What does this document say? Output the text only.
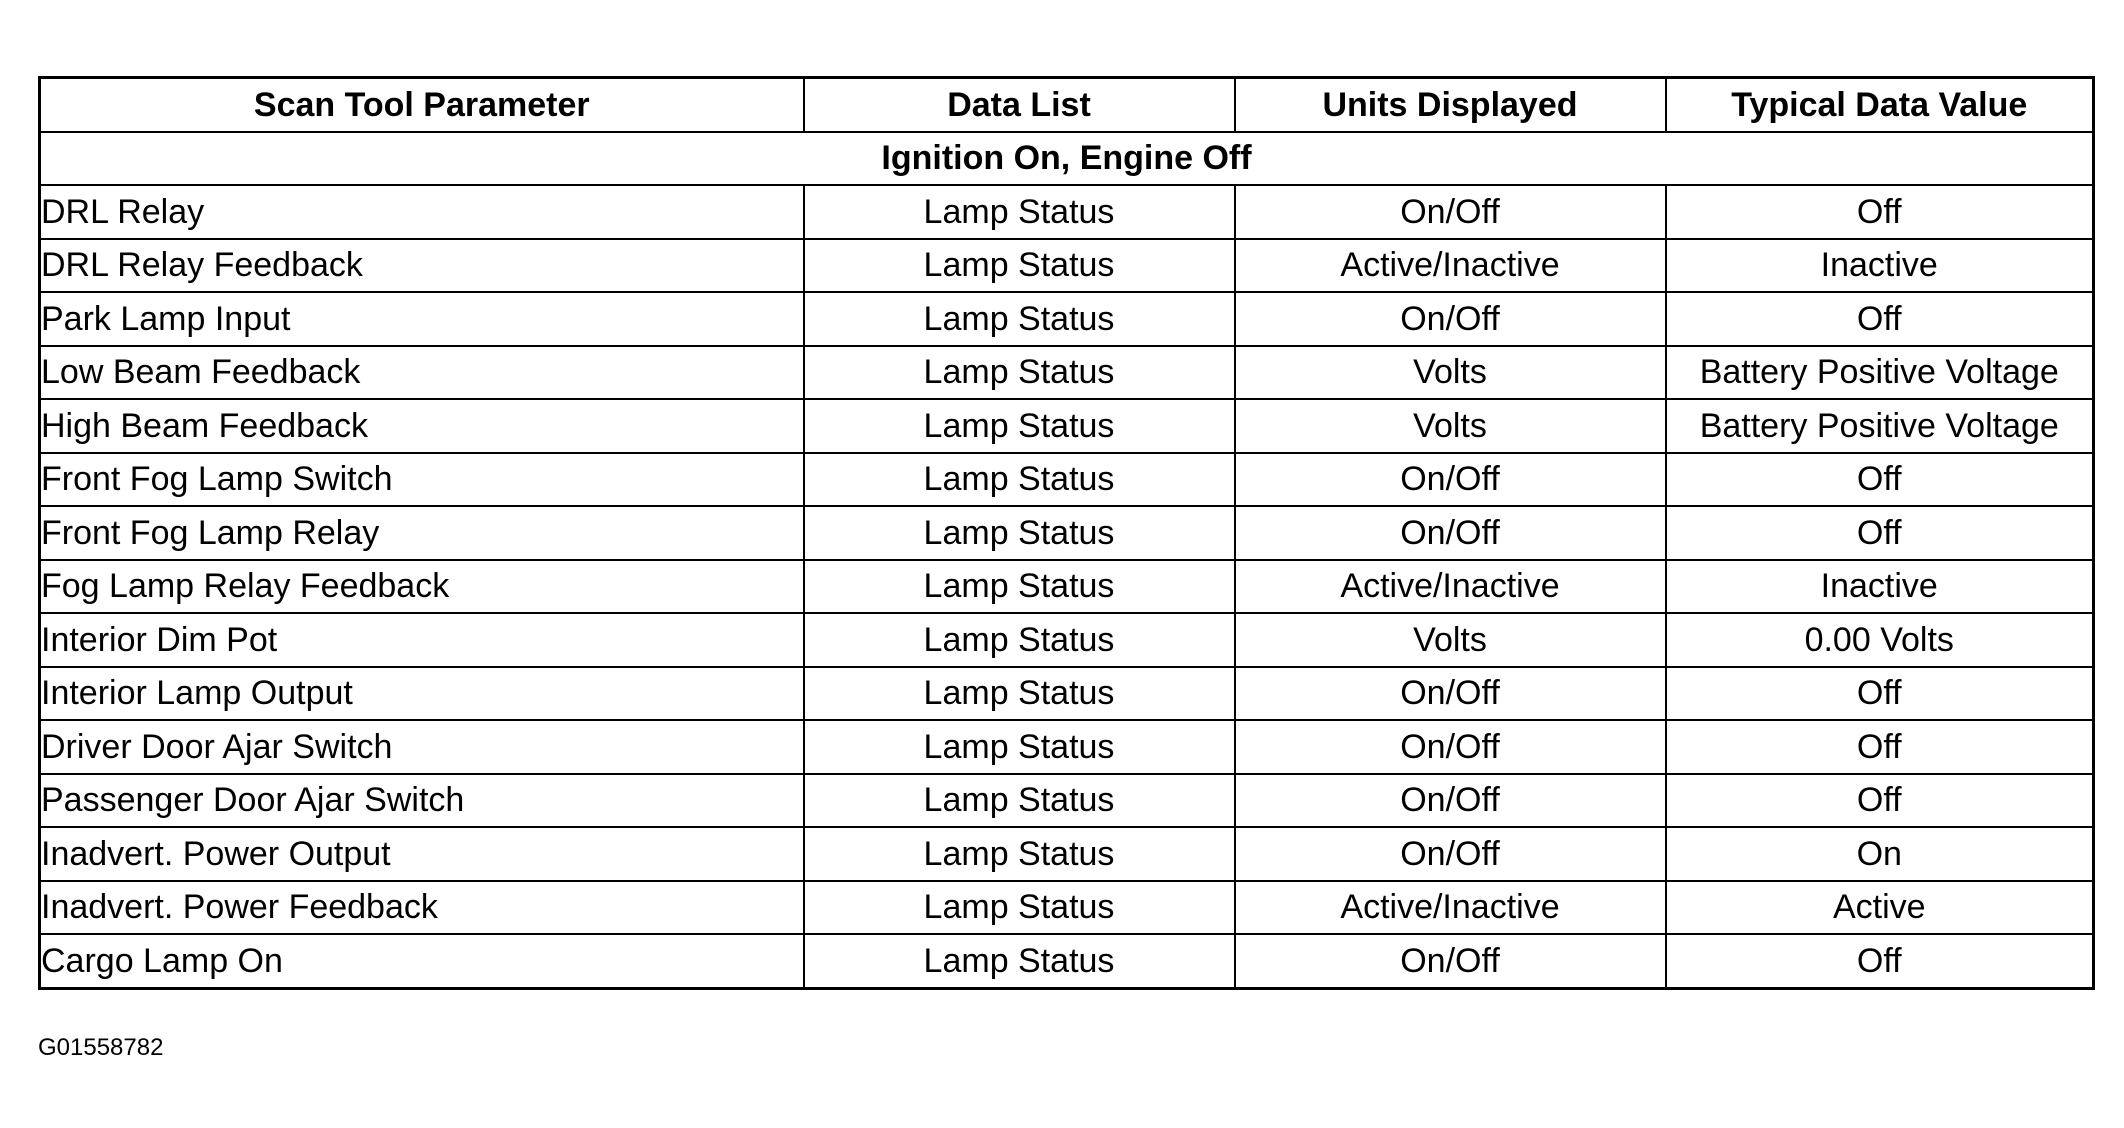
Scan Tool Parameter	Data List	Units Displayed	Typical Data Value
Ignition On, Engine Off			
DRL Relay	Lamp Status	On/Off	Off
DRL Relay Feedback	Lamp Status	Active/Inactive	Inactive
Park Lamp Input	Lamp Status	On/Off	Off
Low Beam Feedback	Lamp Status	Volts	Battery Positive Voltage
High Beam Feedback	Lamp Status	Volts	Battery Positive Voltage
Front Fog Lamp Switch	Lamp Status	On/Off	Off
Front Fog Lamp Relay	Lamp Status	On/Off	Off
Fog Lamp Relay Feedback	Lamp Status	Active/Inactive	Inactive
Interior Dim Pot	Lamp Status	Volts	0.00 Volts
Interior Lamp Output	Lamp Status	On/Off	Off
Driver Door Ajar Switch	Lamp Status	On/Off	Off
Passenger Door Ajar Switch	Lamp Status	On/Off	Off
Inadvert. Power Output	Lamp Status	On/Off	On
Inadvert. Power Feedback	Lamp Status	Active/Inactive	Active
Cargo Lamp On	Lamp Status	On/Off	Off
G01558782
